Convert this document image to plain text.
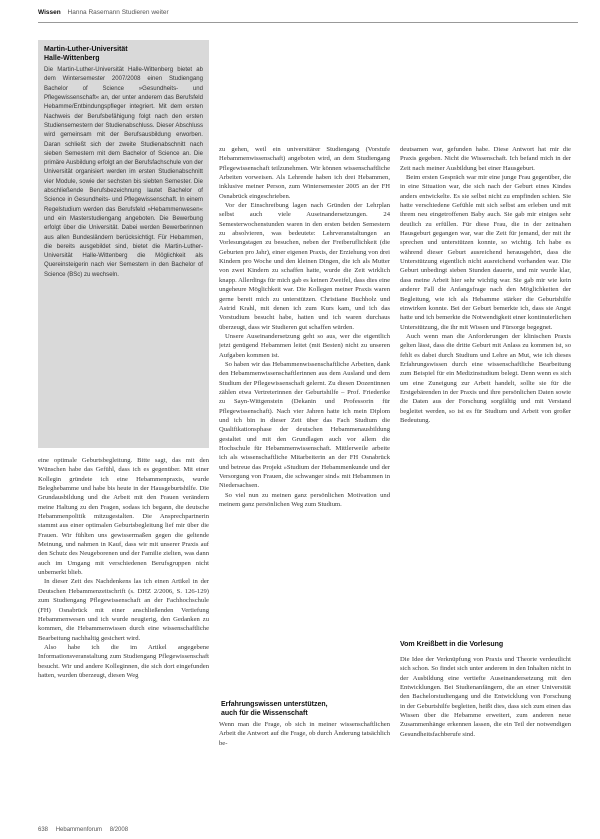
Wissen Hanna Rasemann Studieren weiter
Martin-Luther-Universität
Halle-Wittenberg

Die Martin-Luther-Universität Halle-Wittenberg bietet ab dem Wintersemester 2007/2008 einen Studiengang Bachelor of Science »Gesundheits- und Pflegewissenschaft« an, der unter anderem das Berufsfeld Hebamme/Entbindungspfleger integriert. Mit dem ersten Nachweis der Berufsbefähigung folgt nach den ersten Studiensemestern der Studienabschluss. Dieser Abschluss wird gemeinsam mit der Berufsausbildung erworben. Daran schließt sich der zweite Studienabschnitt nach sieben Semestern mit dem Bachelor of Science an. Die primäre Ausbildung erfolgt an der Berufsfachschule von der Universität organisiert werden im ersten Studienabschnitt vier Module, sowie der sechsten bis siebten Semester. Die abschließende Berufsbezeichnung lautet Bachelor of Science in Gesundheits- und Pflegewissenschaft. In einem Regelstudium werden das Berufsfeld »Hebammenwesen« und ein Masterstudiengang angeboten. Die Bewerbung erfolgt über die Universität. Dabei werden Bewerberinnen aus allen Bundesländern berücksichtigt. Für Hebammen, die bereits ausgebildet sind, bietet die Martin-Luther-Universität Halle-Wittenberg die Möglichkeit als Quereinsteigerin nach vier Semestern in den Bachelor of Science (BSc) zu wechseln.

eine optimale Geburtsbegleitung. Bitte sagt, das mit den Wünschen habe das Gefühl, dass ich es gegenüber. Mit einer Kollegin gründete ich eine Hebammenpraxis, wurde Beleghebamme und habe bis heute in der Hausgeburtshilfe. Die Grundausbildung und die Arbeit mit den Frauen verändern meine Haltung zu den Fragen, sodass ich begann, die deutsche Hebammenpolitik mitzugestalten. Die Ansprechpartnerin stammt aus einer optimalen Geburtsbegleitung lief mir über die Frauen. Wir fühlten uns gewissermaßen gegen die geltende Meinung, und nahmen in Kauf, dass wir mit unserer Praxis auf den Schutz des Neugeborenen und der Familie zielten, was dann auch im Umgang mit verschiedenen Berufsgruppen nicht unbemerkt blieb.

In dieser Zeit des Nachdenkens las ich einen Artikel in der Deutschen Hebammenzeitschrift (s. DHZ 2/2006, S. 126-129) zum Studiengang Pflegewissenschaft an der Fachhochschule (FH) Osnabrück mit einer anschließenden Vertiefung Hebammenwesen und ich wurde neugierig, den Gedanken zu kommen, die Hebammenwissen durch eine wissenschaftliche Bearbeitung nachhaltig gesichert wird.

Also habe ich die im Artikel angegebene Informationsveranstaltung zum Studiengang Pflegewissenschaft besucht. Wir und andere Kolleginnen, die sich dort eingefunden hatten, wurden überzeugt, diesen Weg

zu gehen, weil ein universitärer Studiengang (Vorstufe Hebammenwissenschaft) angeboten wird, an dem Studiengang Pflegewissenschaft teilzunehmen. Wir können wissenschaftliche Arbeiten vorweisen. Als Lehrende haben ich drei Hebammen, inklusive meiner Person, zum Wintersemester 2005 an der FH Osnabrück eingeschrieben.

Vor der Einschreibung lagen nach Gründen der Lehrplan selbst auch viele Auseinandersetzungen. 24 Semesterwochenstunden waren in den ersten beiden Semestern zu absolvieren, was bedeutete: Lehrveranstaltungen an Vorlesungstagen zu besuchen, neben der Freiberuflichkeit (die Geburten pro Jahr), einer eigenen Praxis, der Erziehung von drei Kindern pro Woche und den kleinen Dingen, die ich als Mutter von zwei Kindern zu schaffen hatte, wurde die Zeit wirklich knapp. Allerdings für mich gab es keinen Zweifel, dass dies eine ungeheure Möglichkeit war. Die Kollegen meiner Praxis waren gerne bereit mich zu unterstützen. Christiane Buchholz und Astrid Krahl, mit denen ich zum Kurs kam, und ich das Vorstudium besucht habe, hatten und ich waren durchaus überzeugt, dass wir Studieren gut schaffen würden.

Unsere Auseinandersetzung geht so aus, wer die eigentlich jetzt genügend Hebammen leitet (mit Besten) nicht zu unseren Aufgaben kommen ist.

So haben wir das Hebammenwissenschaftliche Arbeiten, dank den Hebammenwissenschaftlerinnen aus dem Ausland und dem Studium der Pflegewissenschaft gelernt. Zu diesen Dozentinnen zählen etwa Vertreterinnen der Geburtshilfe – Prof. Friederike zu Sayn-Wittgenstein (Dekanin und Professorin für Pflegewissenschaft). Nach vier Jahren hatte ich mein Diplom und ich bin in dieser Zeit über das Fach Studium die Qualifikationsphase der deutschen Hebammenausbildung gestaltet und mit den Grundlagen auch vor allem die Hochschule für Hebammenwissenschaft. Mittlerweile arbeite ich als wissenschaftliche Mitarbeiterin an der FH Osnabrück und betreue das Projekt »Studium der Hebammenkunde und der Versorgung von Frauen, die schwanger sind« mit Hebammen in Niedersachsen.

So viel nun zu meinen ganz persönlichen Motivation und meinem ganz persönlichen Weg zum Studium.

Erfahrungswissen unterstützen,
auch für die Wissenschaft

Wenn man die Frage, ob sich in meiner wissenschaftlichen Arbeit die Antwort auf die Frage, ob durch Änderung tatsächlich be-

deutsamen war, gefunden habe. Diese Antwort hat mir die Praxis gegeben. Nicht die Wissenschaft. Ich befand mich in der Zeit nach meiner Ausbildung bei einer Hausgeburt.

Beim ersten Gespräch war mir eine junge Frau gegenüber, die in eine Situation war, die sich nach der Geburt eines Kindes anders entwickelte. Es sie selbst nicht zu empfinden schien. Sie hatte verschiedene Gefühle mit sich selbst am erleben und mit ihrem neu eingetroffenen Baby auch. Sie gab mir einiges sehr deutlich zu erfüllen. Für diese Frau, die in der zeitnahen Hausgeburt gegangen war, war die Zeit für jemand, der mit ihr sprechen und unterstützen konnte, so wichtig. Ich habe es während dieser Geburt ausreichend herausgehört, dass die Unterstützung eigentlich nicht ausreichend vorhanden war. Die Geburt unbedingt sieben Stunden dauerte, und mir wurde klar, dass meine Arbeit hier sehr wichtig war. Sie gab mir wie kein anderer Fall die Anfangsfrage nach den Möglichkeiten der Begleitung, wie ich als Hebamme stärker die Geburtshilfe einwirken konnte. Bei der Geburt bemerkte ich, dass sie Angst hatte und ich bemerkte die Notwendigkeit einer kontinuierlichen Unterstützung, die ihr mit Wissen und Fürsorge begegnet.

Auch wenn man die Anforderungen der klinischen Praxis gelten lässt, dass die dritte Geburt mit Anlass zu kommen ist, so fehlt es dabei durch Studium und Lehre an Mut, wie ich dieses Erfahrungswissen durch eine wissenschaftliche Bearbeitung zum Beispiel für ein Medizinstudium belegt. Denn wenn es sich um eine Zuneigung zur Arbeit handelt, sollte sie für die Erstgebärenden in der Praxis und ihre persönlichen Daten sowie die Daten aus der Forschung sorgfältig und mit Verstand begleitet werden, so ist es für Studium und Arbeit von großer Bedeutung.

Vom Kreißbett in die Vorlesung

Die Idee der Verknüpfung von Praxis und Theorie verdeutlicht sich schon. So findet sich unter anderem in den Inhalten nicht in der Ausbildung eine vertiefte Auseinandersetzung mit den Entwicklungen. Bei Studienanfängern, die an einer Universität den Bachelorstudiengang und die Entwicklung von Forschung in der Geburtshilfe begleiten, heißt dies, dass sich zum einen das Wissen über die Hebamme erweitert, zum anderen neue Zusammenhänge erkennen lassen, die ein Teil der notwendigen Gesundheitsfachberufe sind.

638 Hebammenforum 8/2008
